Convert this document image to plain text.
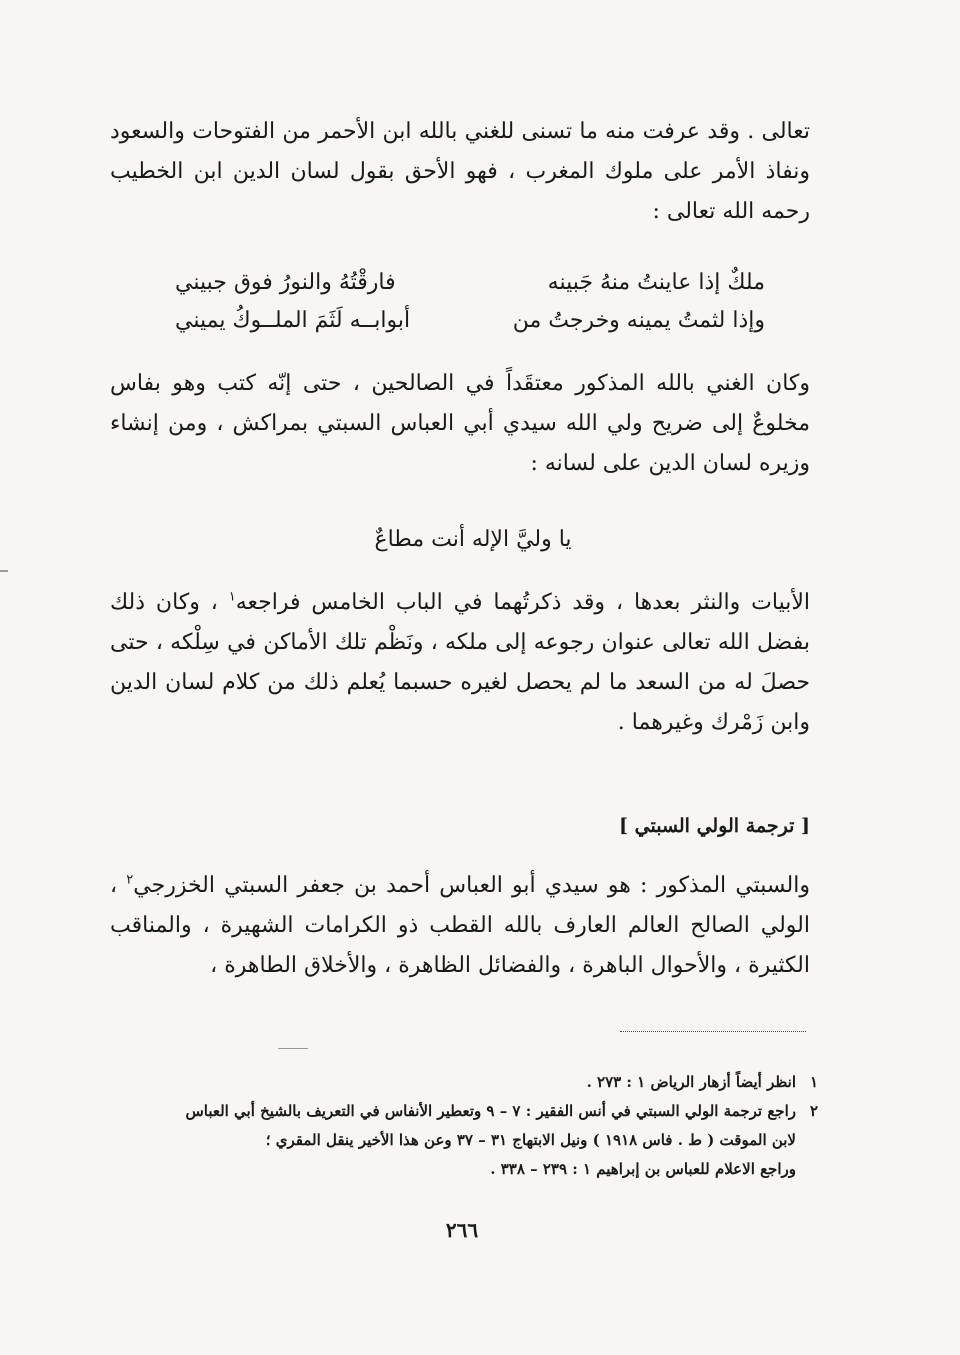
تعالى . وقد عرفت منه ما تسنى للغني بالله ابن الأحمر من الفتوحات والسعود ونفاذ الأمر على ملوك المغرب ، فهو الأحق بقول لسان الدين ابن الخطيب رحمه الله تعالى :

ملكٌ إذا عاينتُ منهُ جَبينه
فارقْتُهُ والنورُ فوق جبيني
وإذا لثمتُ يمينه وخرجتُ من
أبوابــه لَثَمَ الملــوكُ يميني

وكان الغني بالله المذكور معتقَداً في الصالحين ، حتى إنّه كتب وهو بفاس مخلوعٌ إلى ضريح ولي الله سيدي أبي العباس السبتي بمراكش ، ومن إنشاء وزيره لسان الدين على لسانه :

يا وليَّ الإله أنت مطاعٌ

الأبيات والنثر بعدها ، وقد ذكرتُهما في الباب الخامس فراجعه$^١$ ، وكان ذلك بفضل الله تعالى عنوان رجوعه إلى ملكه ، ونَظْم تلك الأماكن في سِلْكه ، حتى حصلَ له من السعد ما لم يحصل لغيره حسبما يُعلم ذلك من كلام لسان الدين وابن زَمْرك وغيرهما .

[ ترجمة الولي السبتي ]

والسبتي المذكور : هو سيدي أبو العباس أحمد بن جعفر السبتي الخزرجي$^٢$ ، الولي الصالح العالم العارف بالله القطب ذو الكرامات الشهيرة ، والمناقب الكثيرة ، والأحوال الباهرة ، والفضائل الظاهرة ، والأخلاق الطاهرة ،

١انظر أيضاً أزهار الرياض ١ : ٢٧٣ .

٢راجع ترجمة الولي السبتي في أنس الفقير : ٧ – ٩ وتعطير الأنفاس في التعريف بالشيخ أبي العباس

لابن الموقت ( ط . فاس ١٩١٨ ) ونيل الابتهاج ٣١ – ٣٧ وعن هذا الأخير ينقل المقري ؛

وراجع الاعلام للعباس بن إبراهيم ١ : ٢٣٩ – ٣٣٨ .

٢٦٦
